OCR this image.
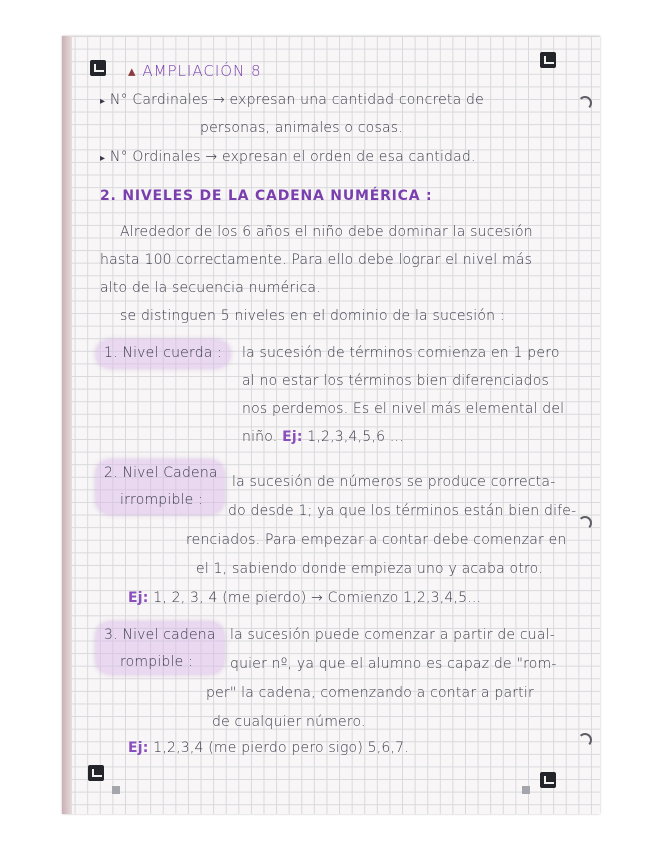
▴ AMPLIACIÓN 8
▸ N° Cardinales → expresan una cantidad concreta de
personas, animales o cosas.
▸ N° Ordinales → expresan el orden de esa cantidad.
2. NIVELES DE LA CADENA NUMÉRICA :
Alrededor de los 6 años el niño debe dominar la sucesión
hasta 100 correctamente. Para ello debe lograr el nivel más
alto de la secuencia numérica.
se distinguen 5 niveles en el dominio de la sucesión :
1. Nivel cuerda : la sucesión de términos comienza en 1 pero
al no estar los términos bien diferenciados
nos perdemos. Es el nivel más elemental del
niño. Ej: 1,2,3,4,5,6 ...
2. Nivel Cadena
irrompible :
la sucesión de números se produce correcta-
do desde 1; ya que los términos están bien dife-
renciados. Para empezar a contar debe comenzar en
el 1, sabiendo donde empieza uno y acaba otro.
Ej: 1, 2, 3, 4 (me pierdo) → Comienzo 1,2,3,4,5...
3. Nivel cadena
rompible :
la sucesión puede comenzar a partir de cual-
quier nº, ya que el alumno es capaz de "rom-
per" la cadena, comenzando a contar a partir
de cualquier número.
Ej: 1,2,3,4 (me pierdo pero sigo) 5,6,7.
